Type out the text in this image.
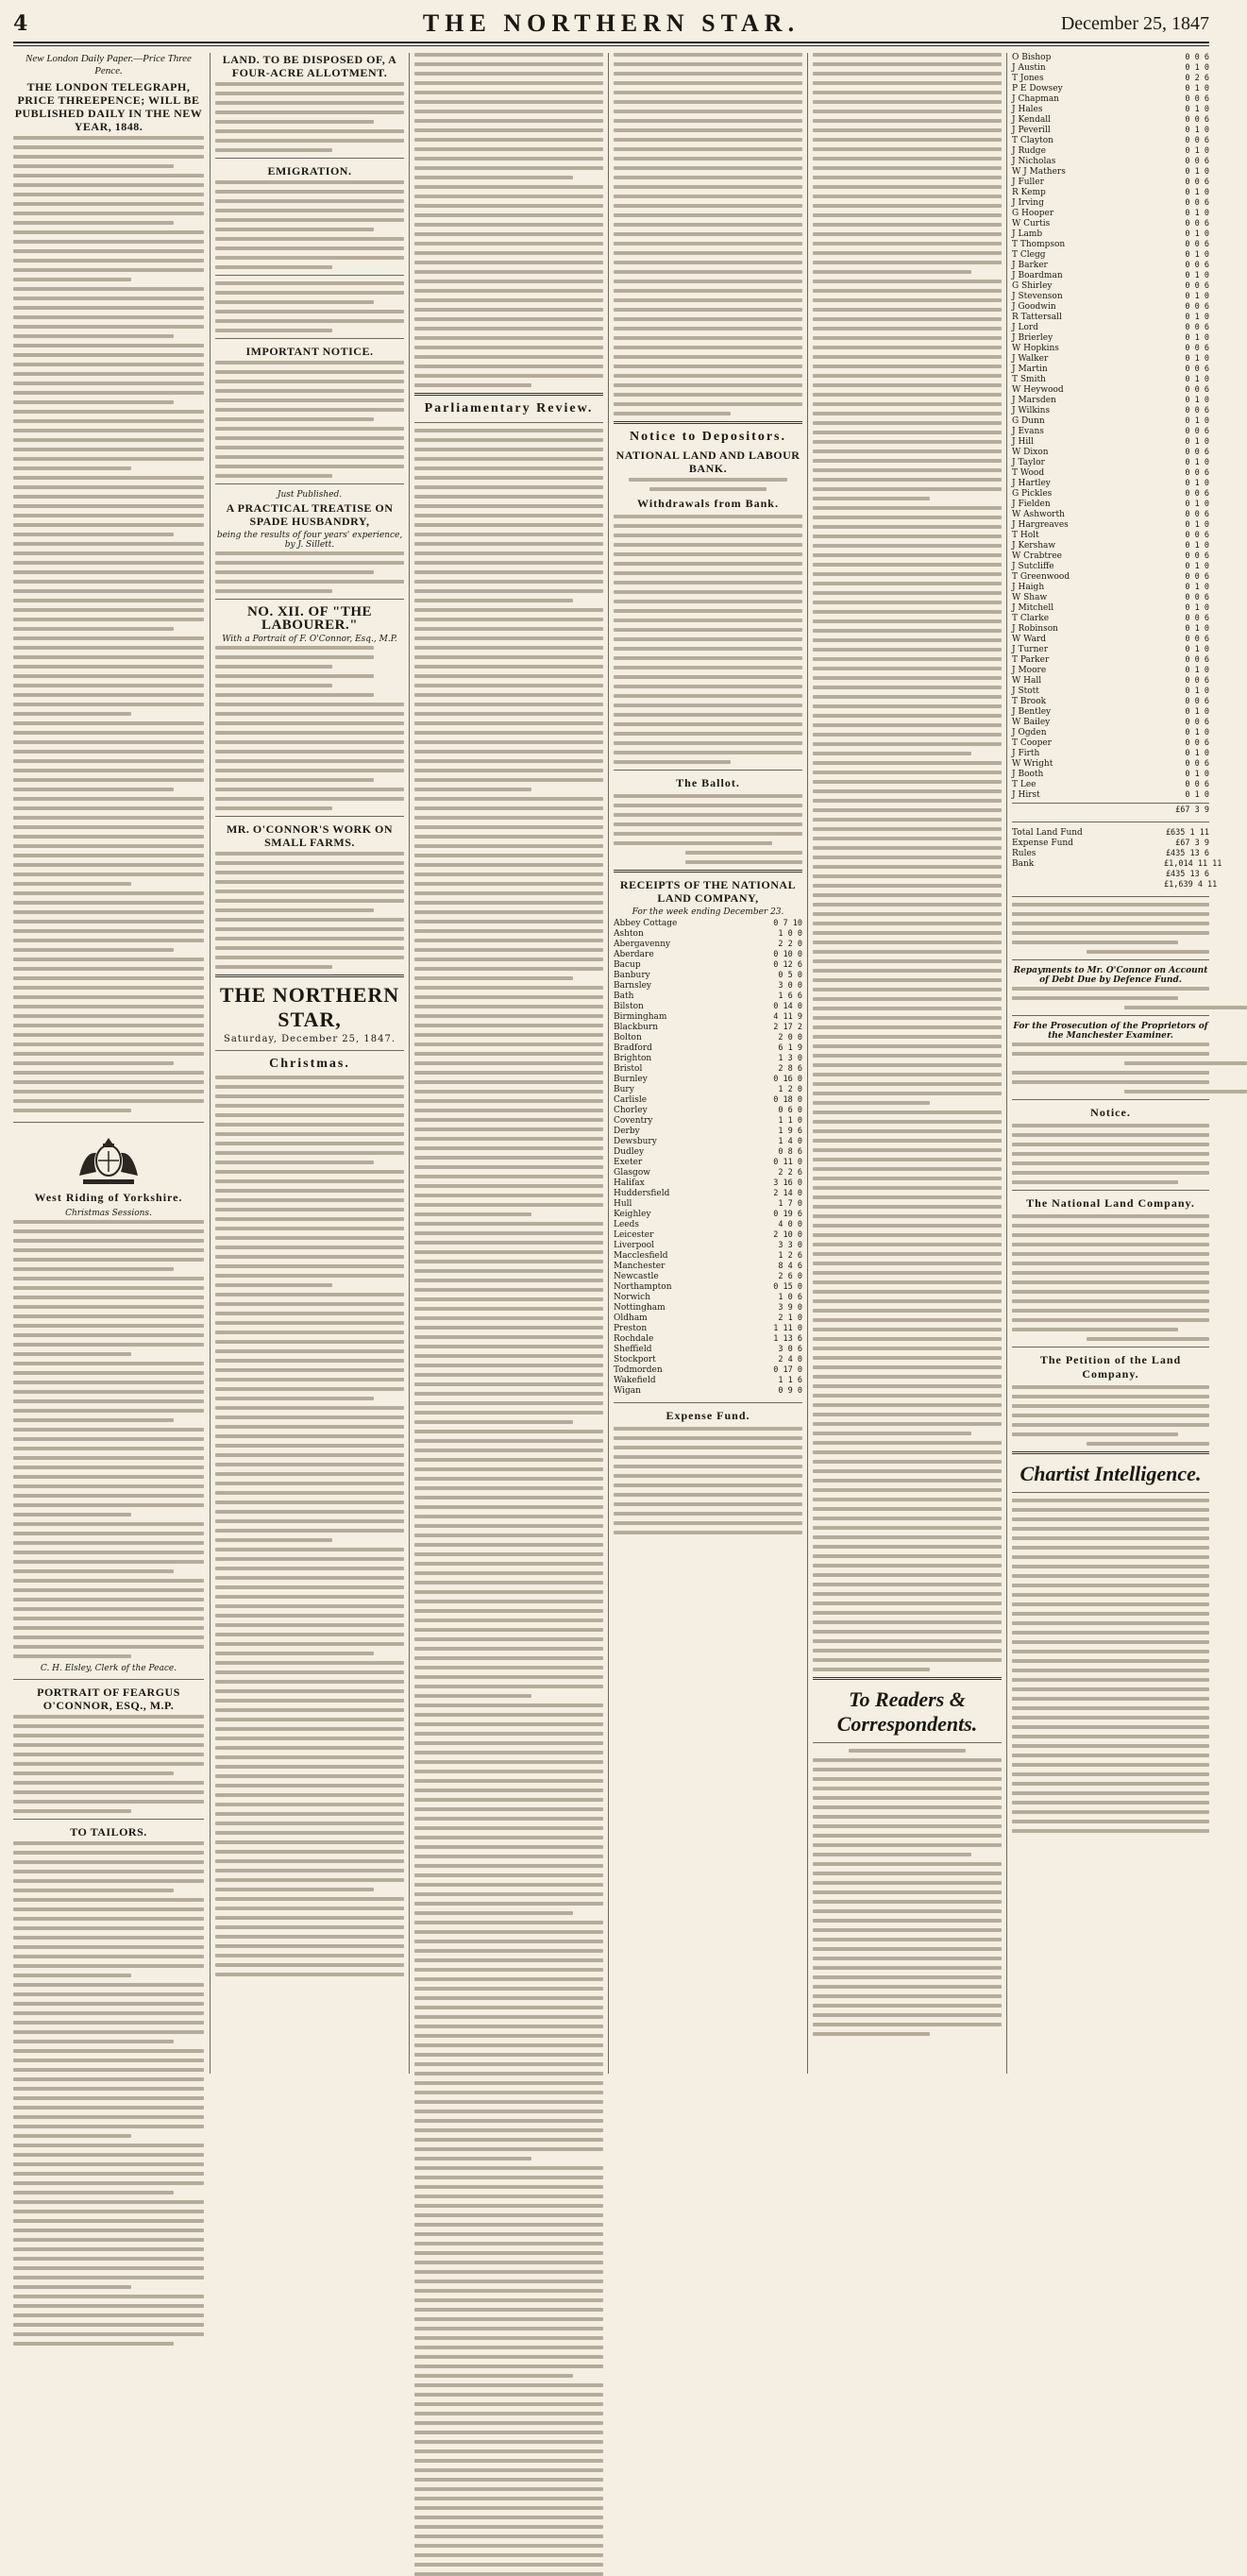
4	THE NORTHERN STAR.	December 25, 1847
New London Daily Paper.—Price Three Pence.
THE LONDON TELEGRAPH, PRICE THREEPENCE; WILL BE PUBLISHED DAILY IN THE NEW YEAR, 1848.
West Riding of Yorkshire.
Christmas Sessions.
C. H. Elsley, Clerk of the Peace.
PORTRAIT OF FEARGUS O'CONNOR, ESQ., M.P.
TO TAILORS.
LAND. TO BE DISPOSED OF, A FOUR-ACRE ALLOTMENT.
EMIGRATION.
IMPORTANT NOTICE.
Just Published.
A PRACTICAL TREATISE ON SPADE HUSBANDRY,
being the results of four years' experience, by J. Sillett.
NO. XII. OF "THE LABOURER."
With a Portrait of F. O'Connor, Esq., M.P.
MR. O'CONNOR'S WORK ON SMALL FARMS.
THE NORTHERN STAR,
Saturday, December 25, 1847.
Christmas.
Parliamentary Review.
Notice to Depositors.
NATIONAL LAND AND LABOUR BANK.
Withdrawals from Bank.
The Ballot.
RECEIPTS OF THE NATIONAL LAND COMPANY,
For the week ending December 23.
Abbey Cottage	0 7 10
Ashton	1 0 0
Abergavenny	2 2 0
Aberdare	0 10 0
Bacup	0 12 6
Banbury	0 5 0
Barnsley	3 0 0
Bath	1 6 6
Bilston	0 14 0
Birmingham	4 11 9
Blackburn	2 17 2
Bolton	2 0 0
Bradford	6 1 9
Brighton	1 3 0
Bristol	2 8 6
Burnley	0 16 0
Bury	1 2 0
Carlisle	0 18 0
Chorley	0 6 0
Coventry	1 1 0
Derby	1 9 6
Dewsbury	1 4 0
Dudley	0 8 6
Exeter	0 11 0
Glasgow	2 2 6
Halifax	3 16 0
Huddersfield	2 14 0
Hull	1 7 0
Keighley	0 19 6
Leeds	4 0 0
Leicester	2 10 0
Liverpool	3 3 0
Macclesfield	1 2 6
Manchester	8 4 6
Newcastle	2 6 0
Northampton	0 15 0
Norwich	1 0 6
Nottingham	3 9 0
Oldham	2 1 0
Preston	1 11 0
Rochdale	1 13 6
Sheffield	3 0 6
Stockport	2 4 0
Todmorden	0 17 0
Wakefield	1 1 6
Wigan	0 9 0
Expense Fund.
To Readers & Correspondents.
O Bishop	0 0 6
J Austin	0 1 0
T Jones	0 2 6
P E Dowsey	0 1 0
J Chapman	0 0 6
J Hales	0 1 0
J Kendall	0 0 6
J Peverill	0 1 0
T Clayton	0 0 6
J Rudge	0 1 0
J Nicholas	0 0 6
W J Mathers	0 1 0
J Fuller	0 0 6
R Kemp	0 1 0
J Irving	0 0 6
G Hooper	0 1 0
W Curtis	0 0 6
J Lamb	0 1 0
T Thompson	0 0 6
T Clegg	0 1 0
J Barker	0 0 6
J Boardman	0 1 0
G Shirley	0 0 6
J Stevenson	0 1 0
J Goodwin	0 0 6
R Tattersall	0 1 0
J Lord	0 0 6
J Brierley	0 1 0
W Hopkins	0 0 6
J Walker	0 1 0
J Martin	0 0 6
T Smith	0 1 0
W Heywood	0 0 6
J Marsden	0 1 0
J Wilkins	0 0 6
G Dunn	0 1 0
J Evans	0 0 6
J Hill	0 1 0
W Dixon	0 0 6
J Taylor	0 1 0
T Wood	0 0 6
J Hartley	0 1 0
G Pickles	0 0 6
J Fielden	0 1 0
W Ashworth	0 0 6
J Hargreaves	0 1 0
T Holt	0 0 6
J Kershaw	0 1 0
W Crabtree	0 0 6
J Sutcliffe	0 1 0
T Greenwood	0 0 6
J Haigh	0 1 0
W Shaw	0 0 6
J Mitchell	0 1 0
T Clarke	0 0 6
J Robinson	0 1 0
W Ward	0 0 6
J Turner	0 1 0
T Parker	0 0 6
J Moore	0 1 0
W Hall	0 0 6
J Stott	0 1 0
T Brook	0 0 6
J Bentley	0 1 0
W Bailey	0 0 6
J Ogden	0 1 0
T Cooper	0 0 6
J Firth	0 1 0
W Wright	0 0 6
J Booth	0 1 0
T Lee	0 0 6
J Hirst	0 1 0
£67 3 9
Total Land Fund	£635 1 11
Expense Fund	£67 3 9
Rules	£435 13 6
Bank	£1,014 11 11
£435 13 6
£1,639 4 11
Repayments to Mr. O'Connor on Account of Debt Due by Defence Fund.
For the Prosecution of the Proprietors of the Manchester Examiner.
Notice.
The National Land Company.
The Petition of the Land Company.
Chartist Intelligence.
